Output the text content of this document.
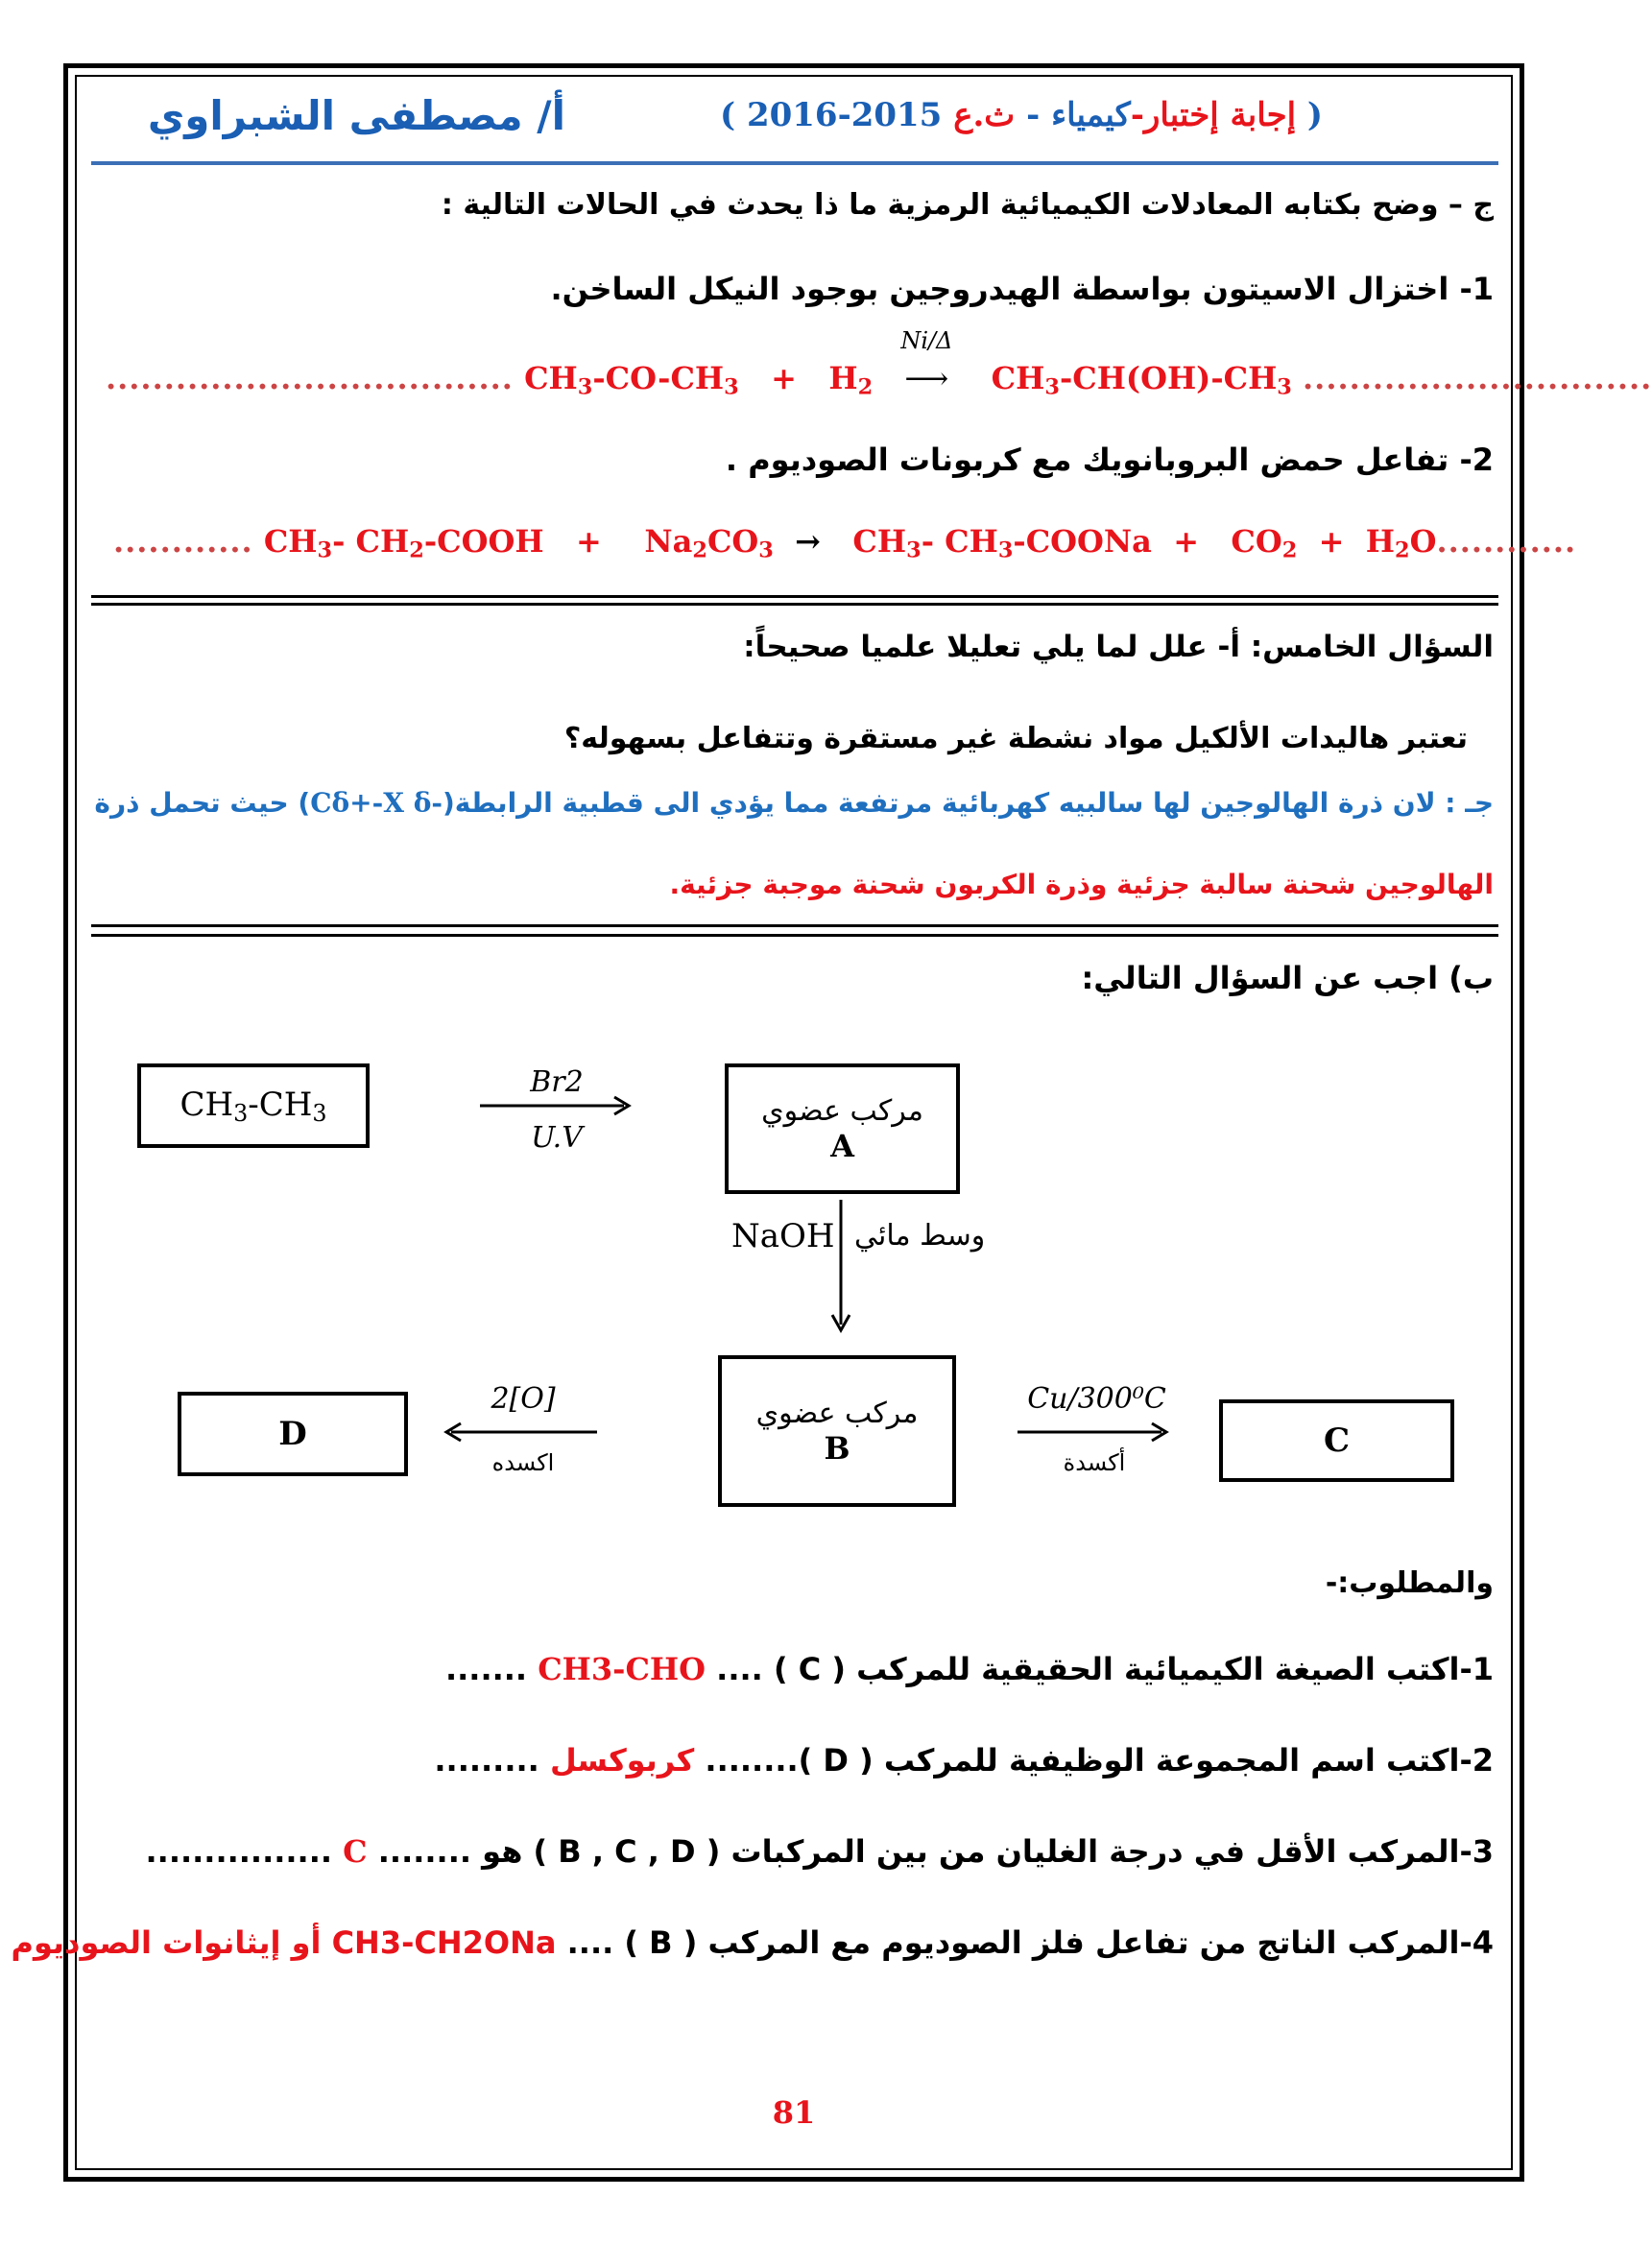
( إجابة إختبار-كيمياء - ث.ع 2015-2016 )
أ/ مصطفى الشبراوي
ج – وضح بكتابه المعادلات الكيميائية الرمزية ما ذا يحدث في الحالات التالية :
1- اختزال الاسيتون بواسطة الهيدروجين بوجود النيكل الساخن.
................................... $CH_3-CO-CH_3 + H_2$
Ni/Δ
⟶  $CH_3-CH(OH)-CH_3$ ..............................
2- تفاعل حمض البروبانويك مع كربونات الصوديوم .
............ $CH_3-$ $CH_2$-COOH   +    $Na_2CO_3 \to CH_3-$ $CH_3$-COONa  +   $CO_2 + H_2O$............
السؤال الخامس: أ- علل لما يلي تعليلا علميا صحيحاً:
تعتبر هاليدات الألكيل مواد نشطة غير مستقرة وتتفاعل بسهوله؟
جـ : لان ذرة الهالوجين لها سالبيه كهربائية مرتفعة مما يؤدي الى قطبية الرابطة(Cδ+-X δ-) حيث تحمل ذرة
الهالوجين شحنة سالبة جزئية وذرة الكربون شحنة موجبة جزئية.
ب) اجب عن السؤال التالي:
$CH_3-CH_3$
Br2
U.V
مركب عضوي
A
NaOH وسط مائي
مركب عضوي
B
2[O]
اكسده
D
Cu/300⁰C
أكسدة
C
والمطلوب:-
1-اكتب الصيغة الكيميائية الحقيقية للمركب ( C ) .... CH3-CHO .......
2-اكتب اسم المجموعة الوظيفية للمركب ( D )........ كربوكسل .........
3-المركب الأقل في درجة الغليان من بين المركبات ( B , C , D ) هو ........ C ................
4-المركب الناتج من تفاعل فلز الصوديوم مع المركب ( B ) .... CH3-CH2ONa أو إيثانوات الصوديوم
81
